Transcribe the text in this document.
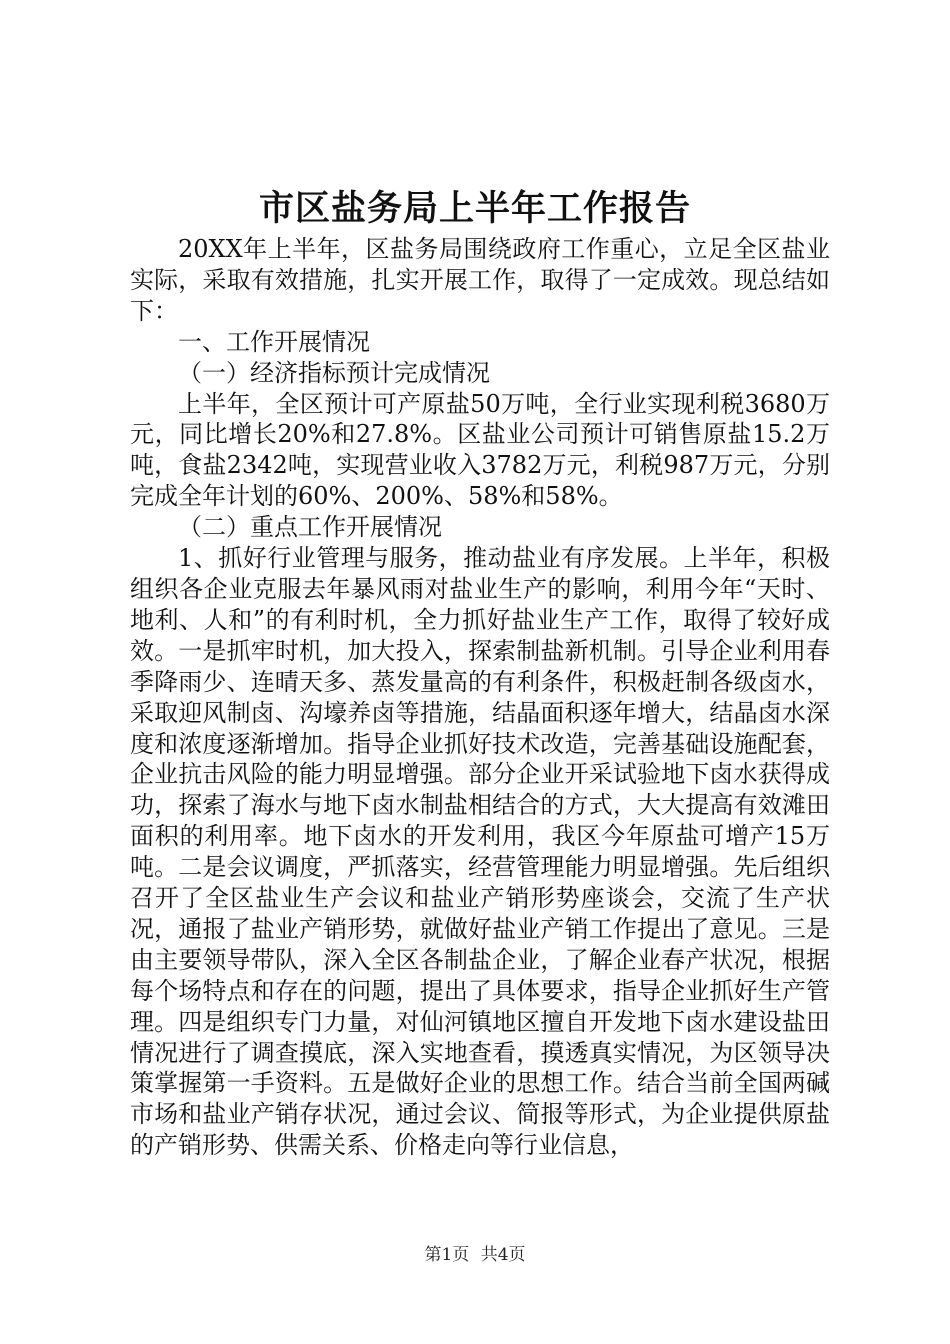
市区盐务局上半年工作报告

20XX年上半年，区盐务局围绕政府工作重心，立足全区盐业实际，采取有效措施，扎实开展工作，取得了一定成效。现总结如下：

一、工作开展情况

（一）经济指标预计完成情况

上半年，全区预计可产原盐50万吨，全行业实现利税3680万元，同比增长20%和27.8%。区盐业公司预计可销售原盐15.2万吨，食盐2342吨，实现营业收入3782万元，利税987万元，分别完成全年计划的60%、200%、58%和58%。

（二）重点工作开展情况

1、抓好行业管理与服务，推动盐业有序发展。上半年，积极组织各企业克服去年暴风雨对盐业生产的影响，利用今年“天时、地利、人和”的有利时机，全力抓好盐业生产工作，取得了较好成效。一是抓牢时机，加大投入，探索制盐新机制。引导企业利用春季降雨少、连晴天多、蒸发量高的有利条件，积极赶制各级卤水，采取迎风制卤、沟壕养卤等措施，结晶面积逐年增大，结晶卤水深度和浓度逐渐增加。指导企业抓好技术改造，完善基础设施配套，企业抗击风险的能力明显增强。部分企业开采试验地下卤水获得成功，探索了海水与地下卤水制盐相结合的方式，大大提高有效滩田面积的利用率。地下卤水的开发利用，我区今年原盐可增产15万吨。二是会议调度，严抓落实，经营管理能力明显增强。先后组织召开了全区盐业生产会议和盐业产销形势座谈会，交流了生产状况，通报了盐业产销形势，就做好盐业产销工作提出了意见。三是由主要领导带队，深入全区各制盐企业，了解企业春产状况，根据每个场特点和存在的问题，提出了具体要求，指导企业抓好生产管理。四是组织专门力量，对仙河镇地区擅自开发地下卤水建设盐田情况进行了调查摸底，深入实地查看，摸透真实情况，为区领导决策掌握第一手资料。五是做好企业的思想工作。结合当前全国两碱市场和盐业产销存状况，通过会议、简报等形式，为企业提供原盐的产销形势、供需关系、价格走向等行业信息，

第1页 共4页
